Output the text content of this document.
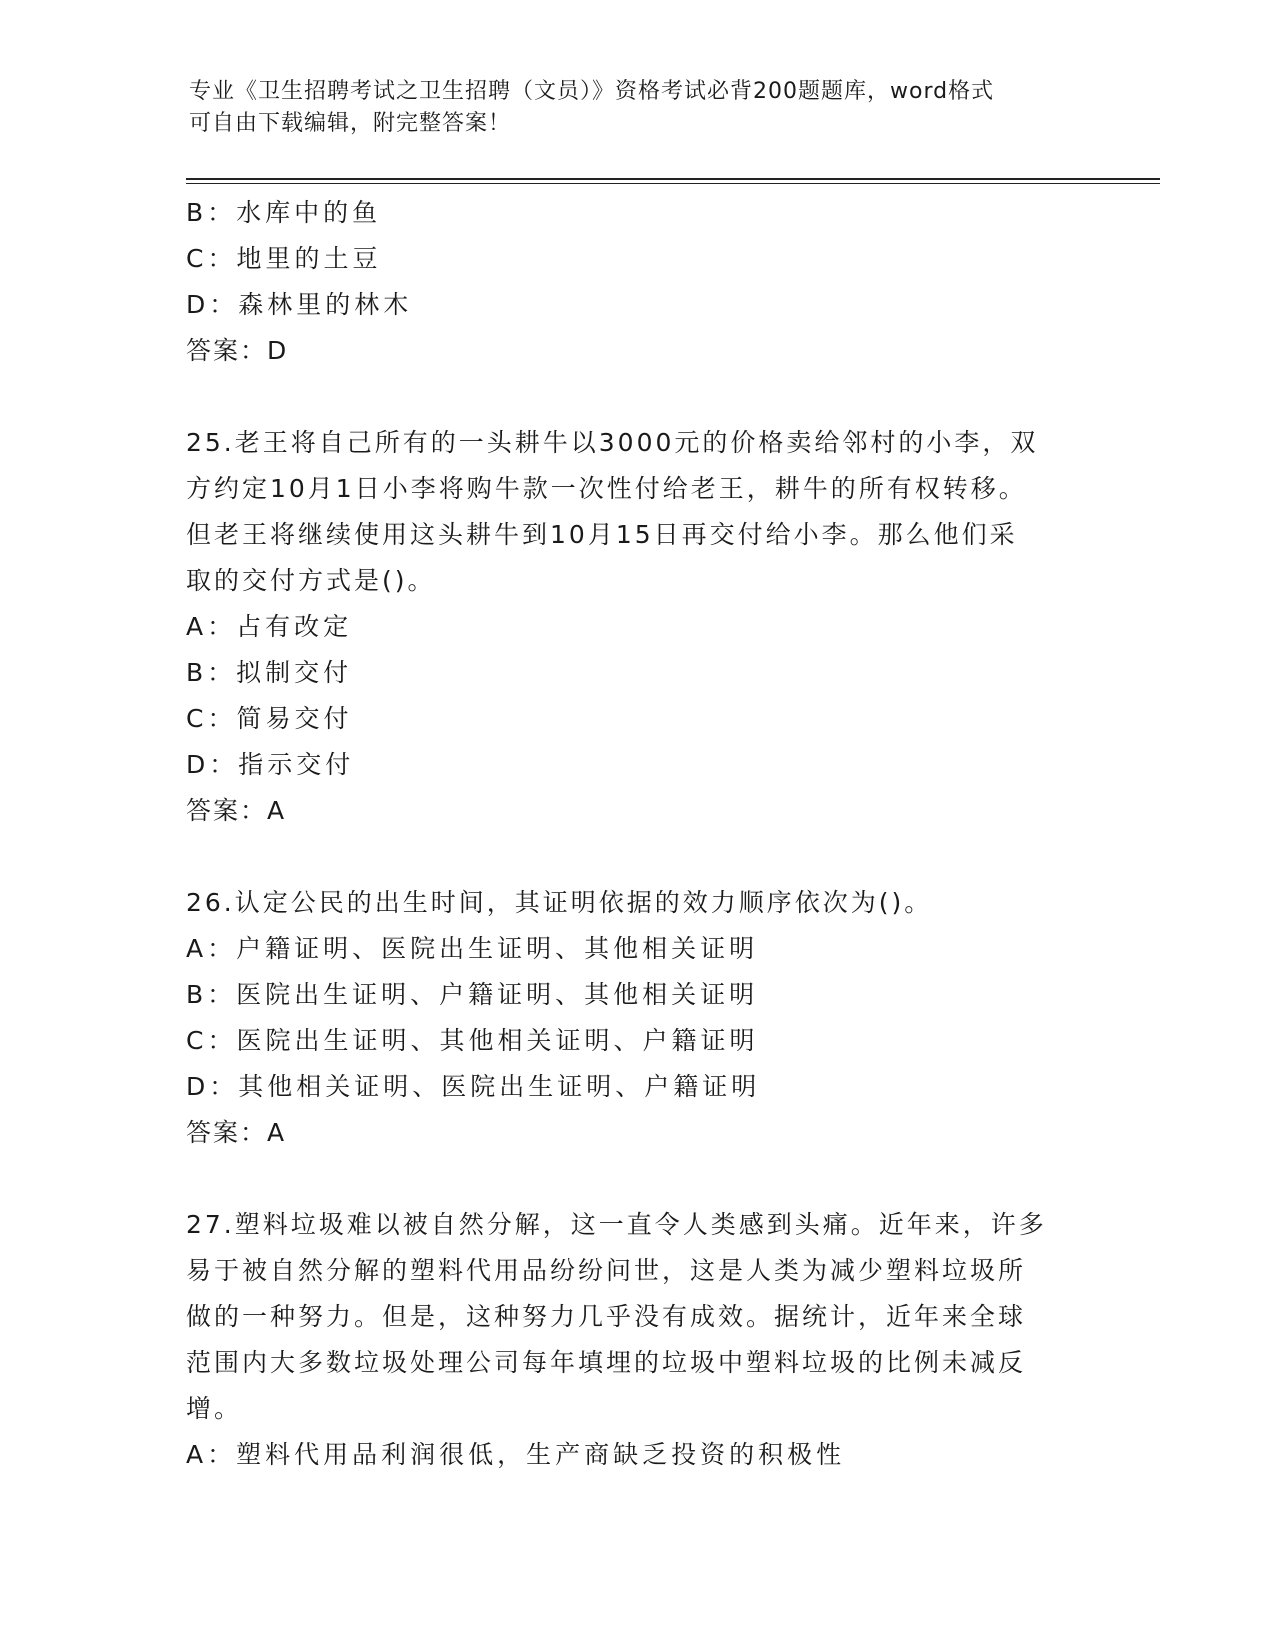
专业《卫生招聘考试之卫生招聘（文员）》资格考试必背200题题库，word格式
可自由下载编辑，附完整答案！
B：水库中的鱼
C：地里的土豆
D：森林里的林木
答案：D
25.老王将自己所有的一头耕牛以3000元的价格卖给邻村的小李，双
方约定10月1日小李将购牛款一次性付给老王，耕牛的所有权转移。
但老王将继续使用这头耕牛到10月15日再交付给小李。那么他们采
取的交付方式是()。
A：占有改定
B：拟制交付
C：简易交付
D：指示交付
答案：A
26.认定公民的出生时间，其证明依据的效力顺序依次为()。
A：户籍证明、医院出生证明、其他相关证明
B：医院出生证明、户籍证明、其他相关证明
C：医院出生证明、其他相关证明、户籍证明
D：其他相关证明、医院出生证明、户籍证明
答案：A
27.塑料垃圾难以被自然分解，这一直令人类感到头痛。近年来，许多
易于被自然分解的塑料代用品纷纷问世，这是人类为减少塑料垃圾所
做的一种努力。但是，这种努力几乎没有成效。据统计，近年来全球
范围内大多数垃圾处理公司每年填埋的垃圾中塑料垃圾的比例未减反
增。
A：塑料代用品利润很低，生产商缺乏投资的积极性
